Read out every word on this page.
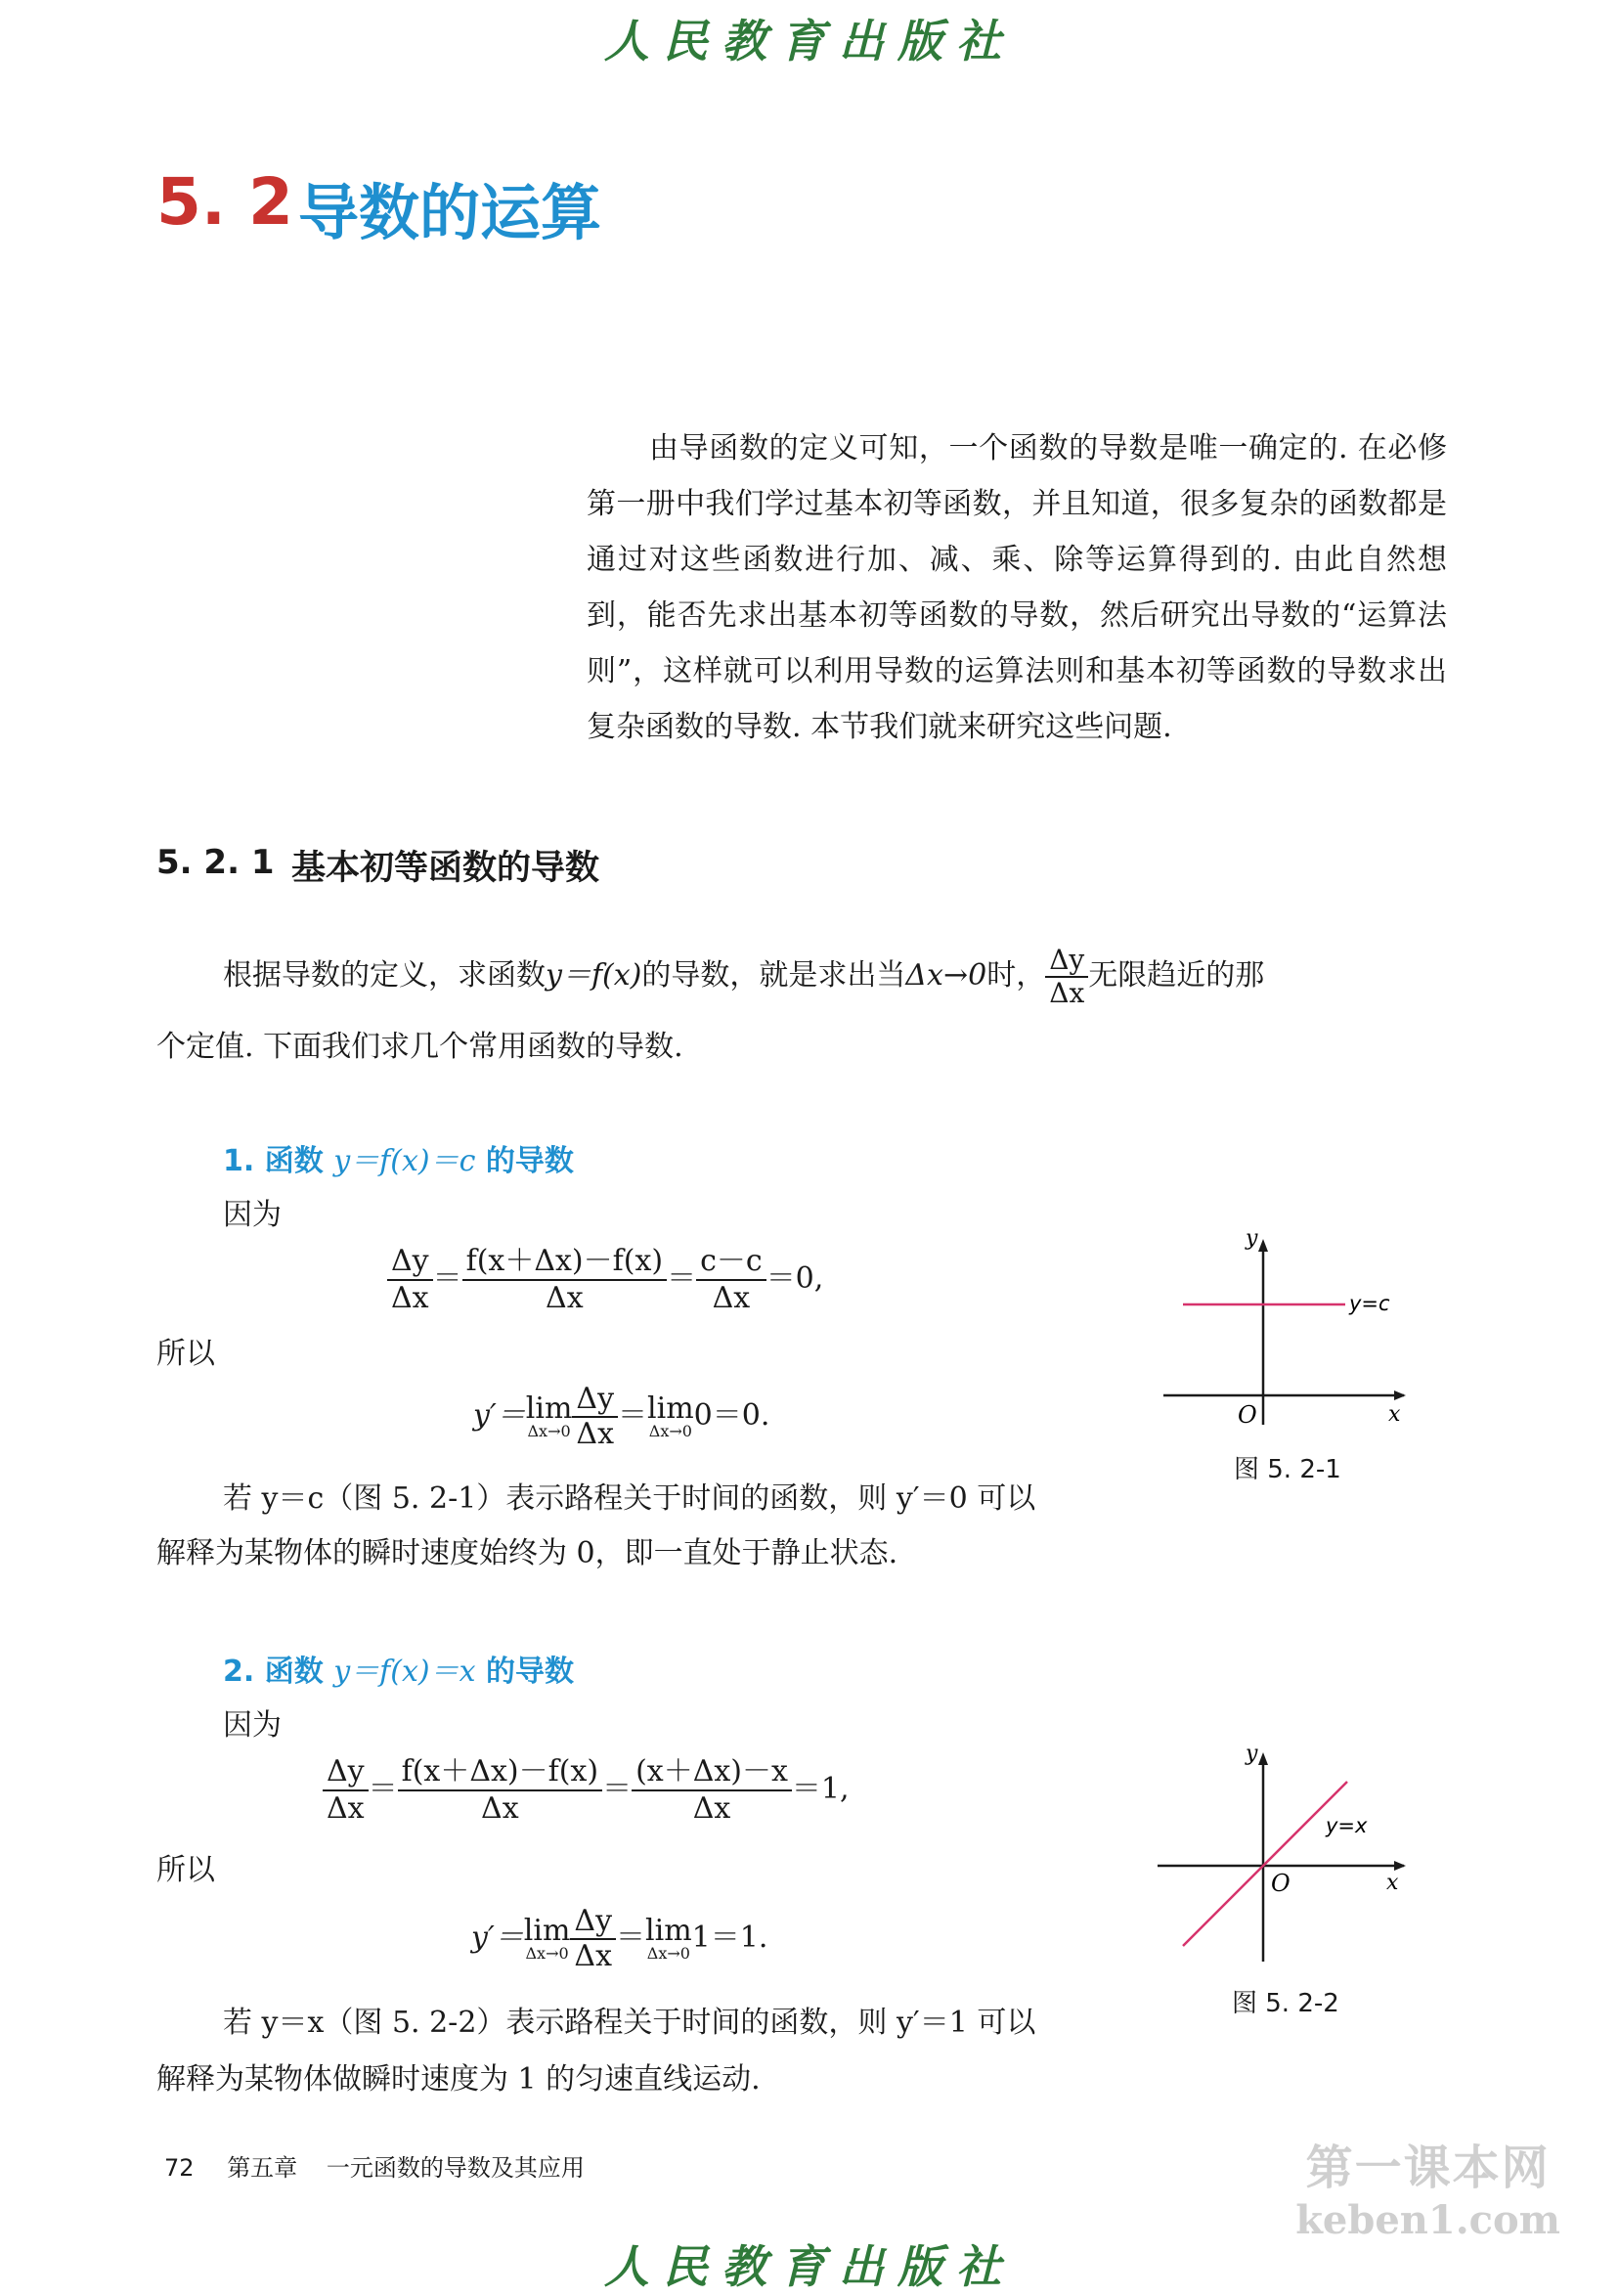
人民教育出版社
5. 2 导数的运算

由导函数的定义可知，一个函数的导数是唯一确定的. 在必修第一册中我们学过基本初等函数，并且知道，很多复杂的函数都是通过对这些函数进行加、减、乘、除等运算得到的. 由此自然想到，能否先求出基本初等函数的导数，然后研究出导数的“运算法则”，这样就可以利用导数的运算法则和基本初等函数的导数求出复杂函数的导数. 本节我们就来研究这些问题.

5. 2. 1 基本初等函数的导数
根据导数的定义，求函数y＝f(x)的导数，就是求出当Δx→0时， $\frac{\Delta y}{\Delta x}$ 无限趋近的那
个定值. 下面我们求几个常用函数的导数.
1. 函数 y＝f(x)＝c 的导数
因为
$\frac{\Delta y}{\Delta x} = \frac{f(x+\Delta x)-f(x)}{\Delta x} = \frac{c-c}{\Delta x} =0$,
所以
y′＝lim
$\Delta x\to 0 \frac{\Delta y}{\Delta x} =\lim$
Δx→0 0＝0.
若 y＝c（图 5. 2-1）表示路程关于时间的函数，则 y′＝0 可以
解释为某物体的瞬时速度始终为 0，即一直处于静止状态.
y
x
O
y=c
图 5. 2-1
2. 函数 y＝f(x)＝x 的导数
因为
$\frac{\Delta y}{\Delta x} = \frac{f(x+\Delta x)-f(x)}{\Delta x} = \frac{(x+\Delta x)-x}{\Delta x} =1$,
所以
y′＝lim
$\Delta x\to 0 \frac{\Delta y}{\Delta x} =\lim$
Δx→0 1＝1.
若 y＝x（图 5. 2-2）表示路程关于时间的函数，则 y′＝1 可以
解释为某物体做瞬时速度为 1 的匀速直线运动.
y
x
O
y=x
图 5. 2-2
72 第五章 一元函数的导数及其应用	第一课本网
keben1.com
人民教育出版社
